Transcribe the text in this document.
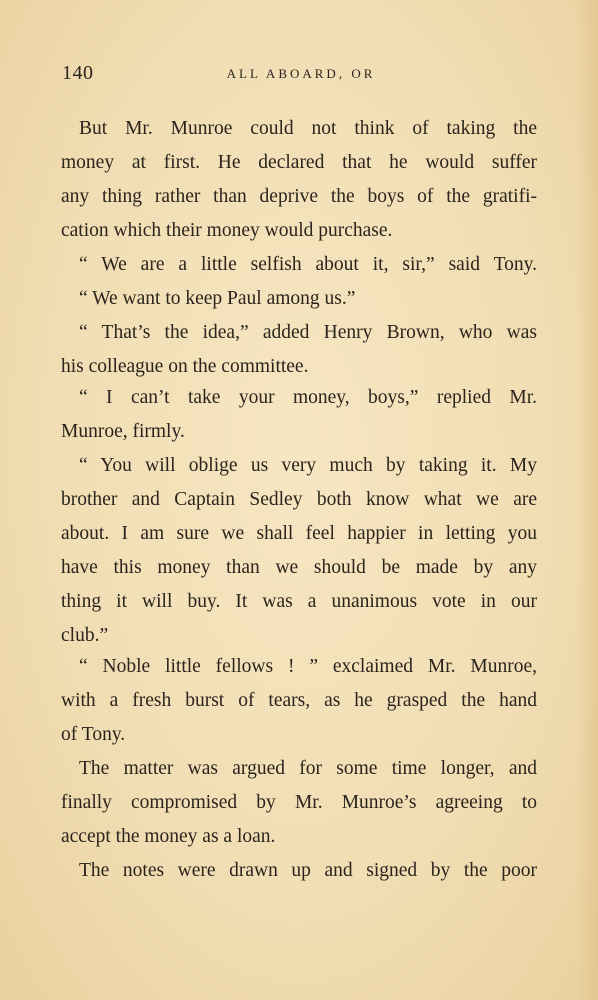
140	ALL ABOARD, OR
But Mr. Munroe could not think of taking the
money at first. He declared that he would suffer
any thing rather than deprive the boys of the gratifi-
cation which their money would purchase.
“ We are a little selfish about it, sir,” said Tony.
“ We want to keep Paul among us.”
“ That’s the idea,” added Henry Brown, who was
his colleague on the committee.
“ I can’t take your money, boys,” replied Mr.
Munroe, firmly.
“ You will oblige us very much by taking it. My
brother and Captain Sedley both know what we are
about. I am sure we shall feel happier in letting you
have this money than we should be made by any
thing it will buy. It was a unanimous vote in our
club.”
“ Noble little fellows ! ” exclaimed Mr. Munroe,
with a fresh burst of tears, as he grasped the hand
of Tony.
The matter was argued for some time longer, and
finally compromised by Mr. Munroe’s agreeing to
accept the money as a loan.
The notes were drawn up and signed by the poor
